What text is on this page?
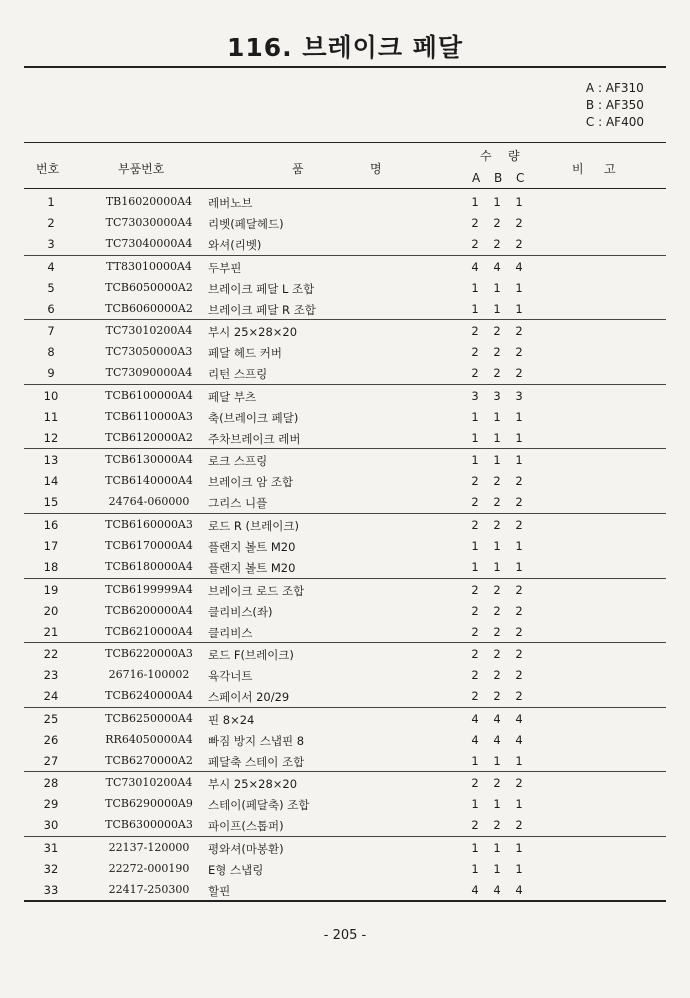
116. 브레이크 페달
A : AF310
B : AF350
C : AF400
번호	부품번호	품	명
수 량
A B C
비 고
1	TB16020000A4	레버노브	1 1 1
2	TC73030000A4	리벳(페달헤드)	2 2 2
3	TC73040000A4	와셔(리벳)	2 2 2
4	TT83010000A4	두부핀	4 4 4
5	TCB6050000A2	브레이크 페달 L 조합	1 1 1
6	TCB6060000A2	브레이크 페달 R 조합	1 1 1
7	TC73010200A4	부시 25×28×20	2 2 2
8	TC73050000A3	페달 헤드 커버	2 2 2
9	TC73090000A4	리턴 스프링	2 2 2
10	TCB6100000A4	페달 부츠	3 3 3
11	TCB6110000A3	축(브레이크 페달)	1 1 1
12	TCB6120000A2	주차브레이크 레버	1 1 1
13	TCB6130000A4	로크 스프링	1 1 1
14	TCB6140000A4	브레이크 암 조합	2 2 2
15	24764-060000	그리스 니플	2 2 2
16	TCB6160000A3	로드 R (브레이크)	2 2 2
17	TCB6170000A4	플랜지 볼트 M20	1 1 1
18	TCB6180000A4	플랜지 볼트 M20	1 1 1
19	TCB6199999A4	브레이크 로드 조합	2 2 2
20	TCB6200000A4	클리비스(좌)	2 2 2
21	TCB6210000A4	클리비스	2 2 2
22	TCB6220000A3	로드 F(브레이크)	2 2 2
23	26716-100002	육각너트	2 2 2
24	TCB6240000A4	스페이서 20/29	2 2 2
25	TCB6250000A4	핀 8×24	4 4 4
26	RR64050000A4	빠짐 방지 스냅핀 8	4 4 4
27	TCB6270000A2	페달축 스테이 조합	1 1 1
28	TC73010200A4	부시 25×28×20	2 2 2
29	TCB6290000A9	스테이(페달축) 조합	1 1 1
30	TCB6300000A3	파이프(스톱퍼)	2 2 2
31	22137-120000	평와셔(마봉환)	1 1 1
32	22272-000190	E형 스냅링	1 1 1
33	22417-250300	할핀	4 4 4
- 205 -
